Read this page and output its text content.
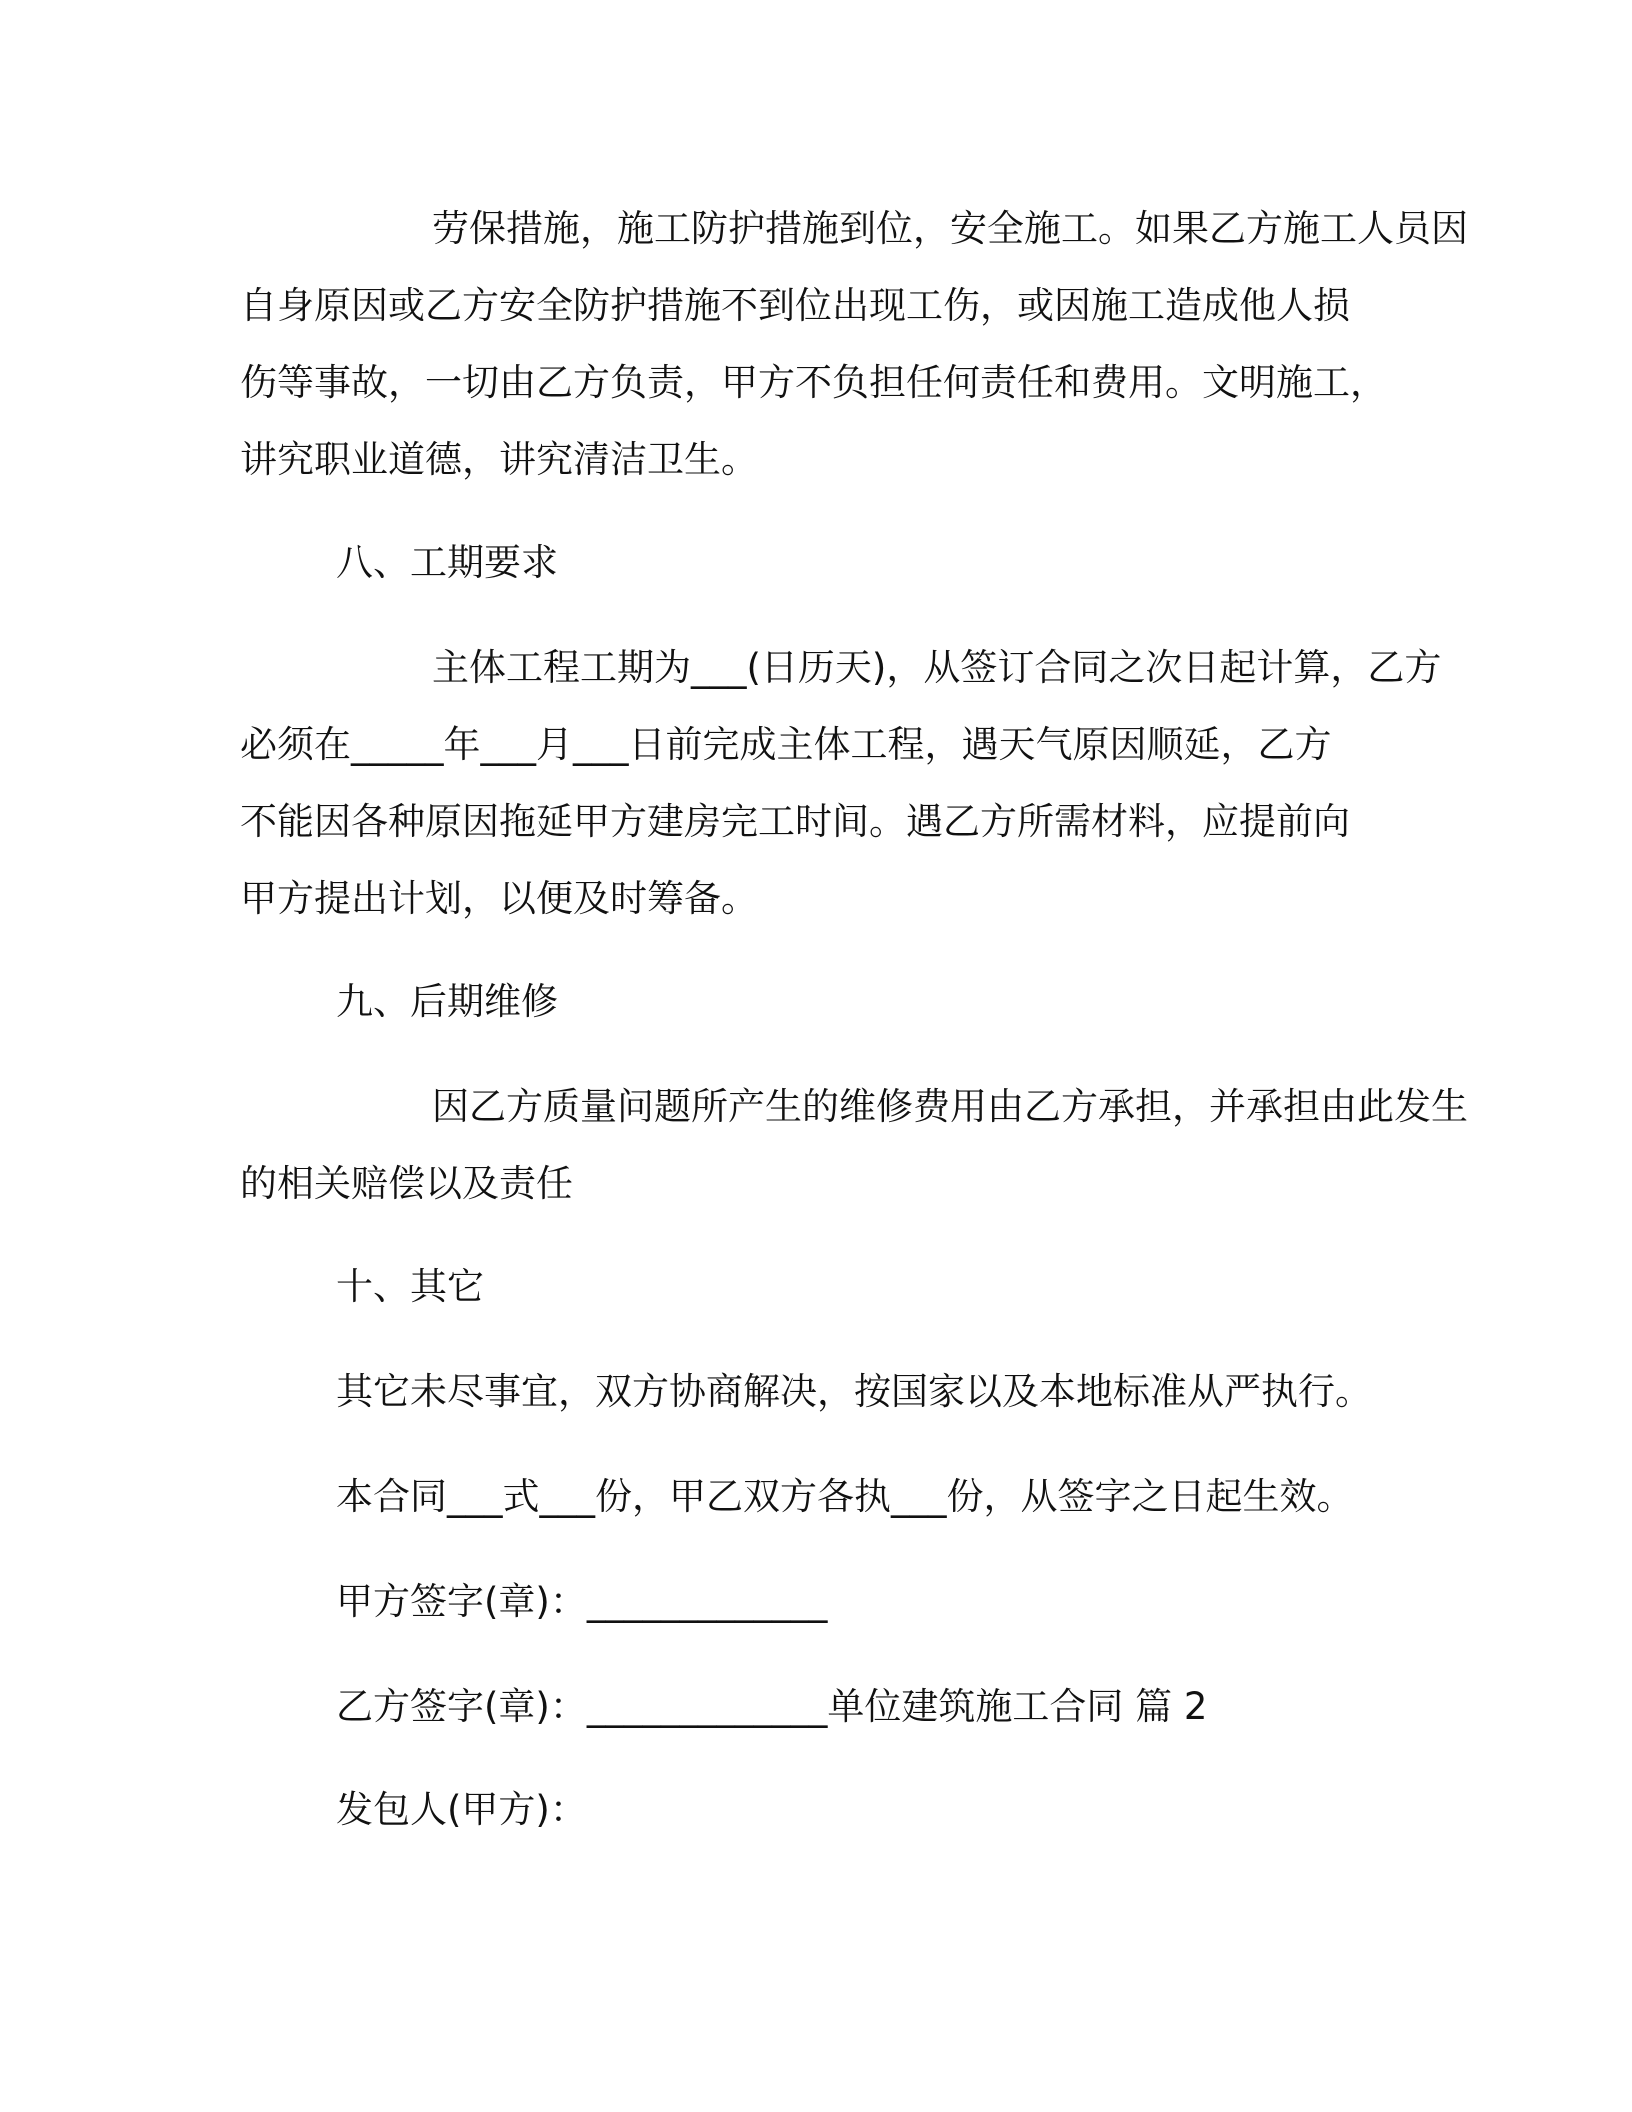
劳保措施，施工防护措施到位，安全施工。如果乙方施工人员因
自身原因或乙方安全防护措施不到位出现工伤，或因施工造成他人损
伤等事故，一切由乙方负责，甲方不负担任何责任和费用。文明施工，
讲究职业道德，讲究清洁卫生。
八、工期要求
主体工程工期为___(日历天)，从签订合同之次日起计算，乙方
必须在_____年___月___日前完成主体工程，遇天气原因顺延，乙方
不能因各种原因拖延甲方建房完工时间。遇乙方所需材料，应提前向
甲方提出计划，以便及时筹备。
九、后期维修
因乙方质量问题所产生的维修费用由乙方承担，并承担由此发生
的相关赔偿以及责任
十、其它
其它未尽事宜，双方协商解决，按国家以及本地标准从严执行。
本合同___式___份，甲乙双方各执___份，从签字之日起生效。
甲方签字(章)：_____________
乙方签字(章)：_____________单位建筑施工合同 篇 2
发包人(甲方)：
